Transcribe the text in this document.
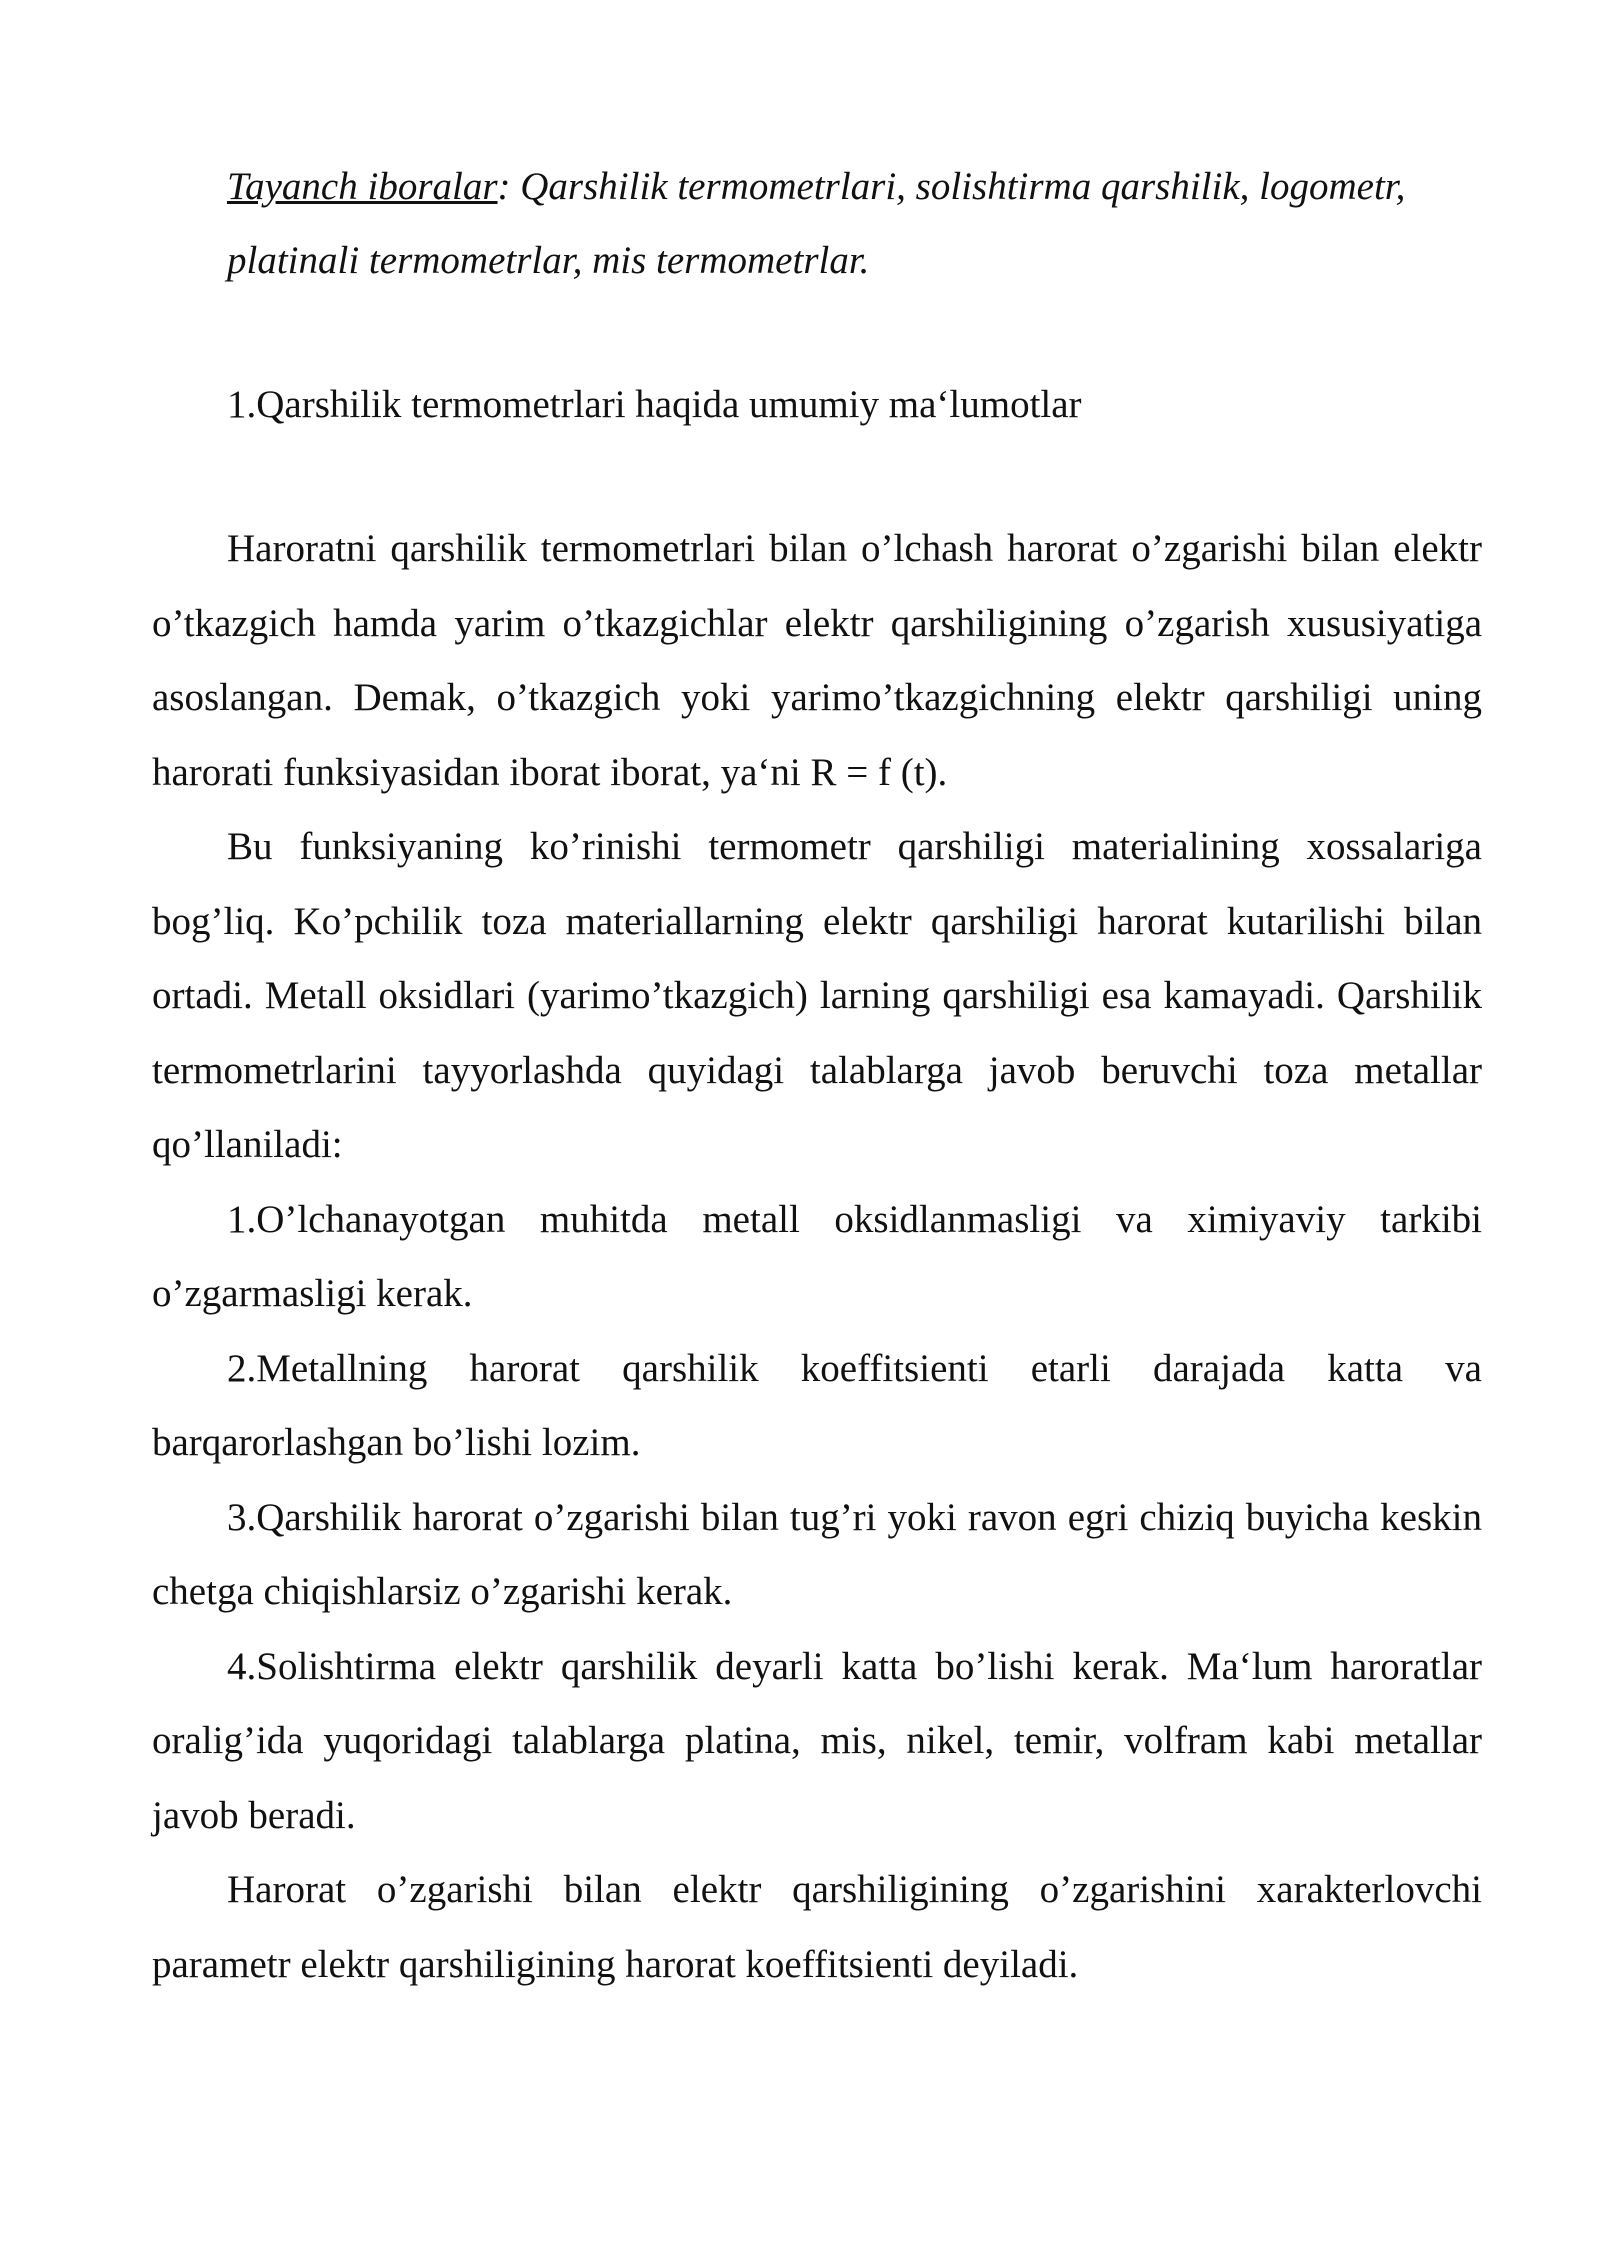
Tayanch iboralar: Qarshilik termometrlari, solishtirma qarshilik, logometr, platinali termometrlar, mis termometrlar.

1.Qarshilik termometrlari haqida umumiy ma‘lumotlar

Haroratni qarshilik termometrlari bilan o’lchash harorat o’zgarishi bilan elektr o’tkazgich hamda yarim o’tkazgichlar elektr qarshiligining o’zgarish xususiyatiga asoslangan. Demak, o’tkazgich yoki yarimo’tkazgichning elektr qarshiligi uning harorati funksiyasidan iborat iborat, ya‘ni R = f (t).

Bu funksiyaning ko’rinishi termometr qarshiligi materialining xossalariga bog’liq. Ko’pchilik toza materiallarning elektr qarshiligi harorat kutarilishi bilan ortadi. Metall oksidlari (yarimo’tkazgich) larning qarshiligi esa kamayadi. Qarshilik termometrlarini tayyorlashda quyidagi talablarga javob beruvchi toza metallar qo’llaniladi:

1.O’lchanayotgan muhitda metall oksidlanmasligi va ximiyaviy tarkibi o’zgarmasligi kerak.

2.Metallning harorat qarshilik koeffitsienti etarli darajada katta va barqarorlashgan bo’lishi lozim.

3.Qarshilik harorat o’zgarishi bilan tug’ri yoki ravon egri chiziq buyicha keskin chetga chiqishlarsiz o’zgarishi kerak.

4.Solishtirma elektr qarshilik deyarli katta bo’lishi kerak. Ma‘lum haroratlar oralig’ida yuqoridagi talablarga platina, mis, nikel, temir, volfram kabi metallar javob beradi.

Harorat o’zgarishi bilan elektr qarshiligining o’zgarishini xarakterlovchi parametr elektr qarshiligining harorat koeffitsienti deyiladi.
